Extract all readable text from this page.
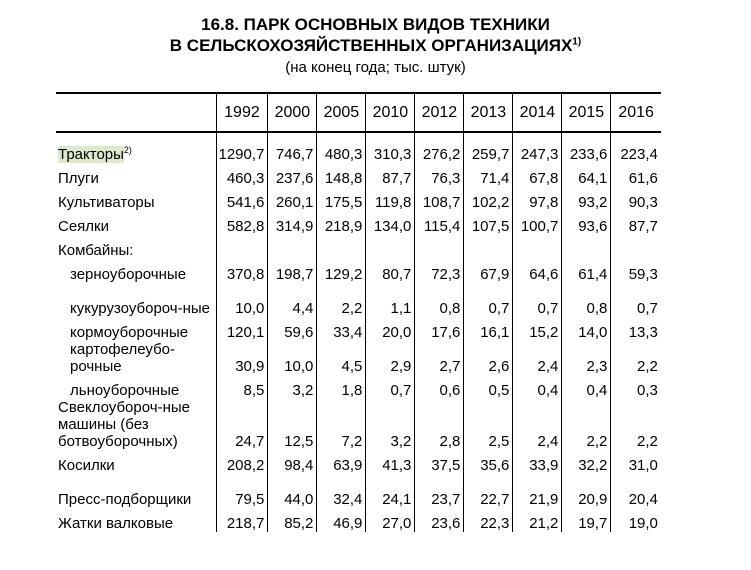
16.8. ПАРК ОСНОВНЫХ ВИДОВ ТЕХНИКИ
В СЕЛЬСКОХОЗЯЙСТВЕННЫХ ОРГАНИЗАЦИЯХ$^{1)}$
(на конец года; тыс. штук)
	1992	2000	2005	2010	2012	2013	2014	2015	2016

Тракторы$^{2)}$	1290,7	746,7	480,3	310,3	276,2	259,7	247,3	233,6	223,4
Плуги	460,3	237,6	148,8	87,7	76,3	71,4	67,8	64,1	61,6
Культиваторы	541,6	260,1	175,5	119,8	108,7	102,2	97,8	93,2	90,3
Сеялки	582,8	314,9	218,9	134,0	115,4	107,5	100,7	93,6	87,7
Комбайны:									
зерноуборочные	370,8	198,7	129,2	80,7	72,3	67,9	64,6	61,4	59,3
кукурузоубороч-ные	10,0	4,4	2,2	1,1	0,8	0,7	0,7	0,8	0,7
кормоуборочные	120,1	59,6	33,4	20,0	17,6	16,1	15,2	14,0	13,3
картофелеубо-рочные	30,9	10,0	4,5	2,9	2,7	2,6	2,4	2,3	2,2
льноуборочные	8,5	3,2	1,8	0,7	0,6	0,5	0,4	0,4	0,3
Свеклоубороч-ные машины (без ботвоуборочных)	24,7	12,5	7,2	3,2	2,8	2,5	2,4	2,2	2,2
Косилки	208,2	98,4	63,9	41,3	37,5	35,6	33,9	32,2	31,0
Пресс-подборщики	79,5	44,0	32,4	24,1	23,7	22,7	21,9	20,9	20,4
Жатки валковые	218,7	85,2	46,9	27,0	23,6	22,3	21,2	19,7	19,0
